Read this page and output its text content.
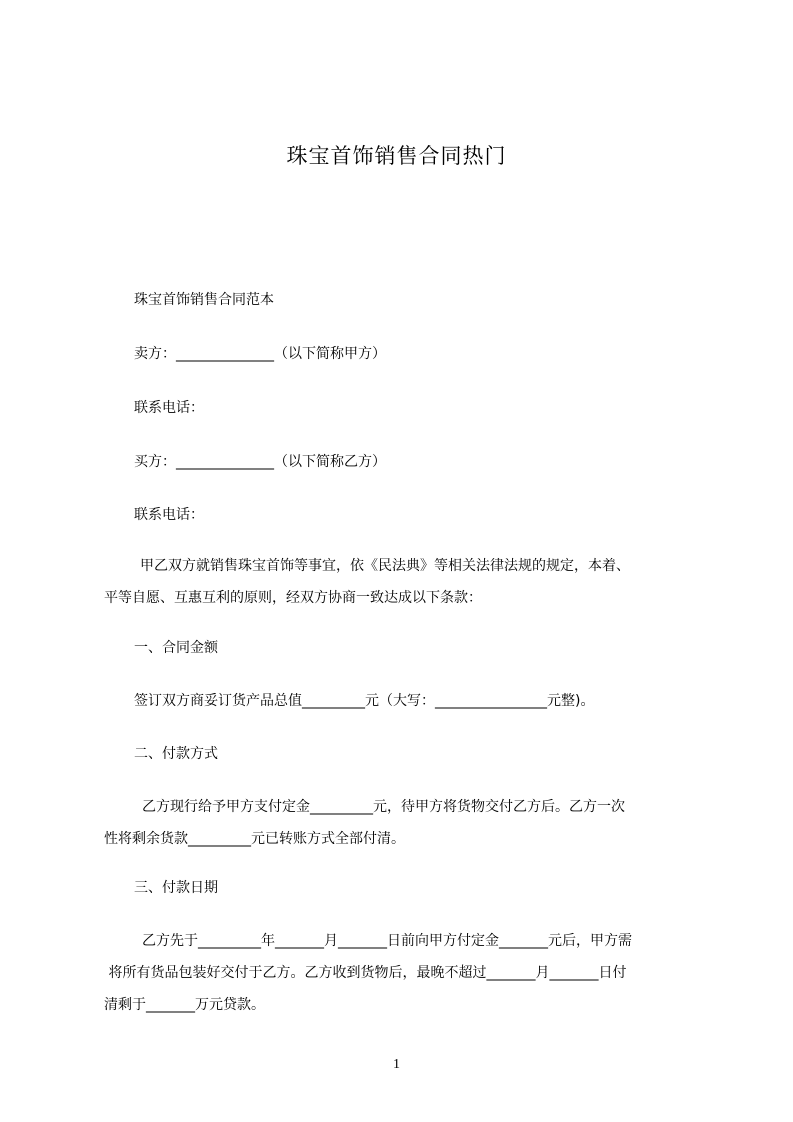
珠宝首饰销售合同热门
珠宝首饰销售合同范本
卖方：______________（以下简称甲方）
联系电话：
买方：______________（以下简称乙方）
联系电话：
甲乙双方就销售珠宝首饰等事宜，依《民法典》等相关法律法规的规定，本着、
平等自愿、互惠互利的原则，经双方协商一致达成以下条款：
一、合同金额
签订双方商妥订货产品总值_________元（大写：________________元整)。
二、付款方式
乙方现行给予甲方支付定金_________元，待甲方将货物交付乙方后。乙方一次
性将剩余货款_________元已转账方式全部付清。
三、付款日期
乙方先于_________年_______月_______日前向甲方付定金_______元后，甲方需
将所有货品包装好交付于乙方。乙方收到货物后，最晚不超过_______月_______日付
清剩于_______万元贷款。
1
